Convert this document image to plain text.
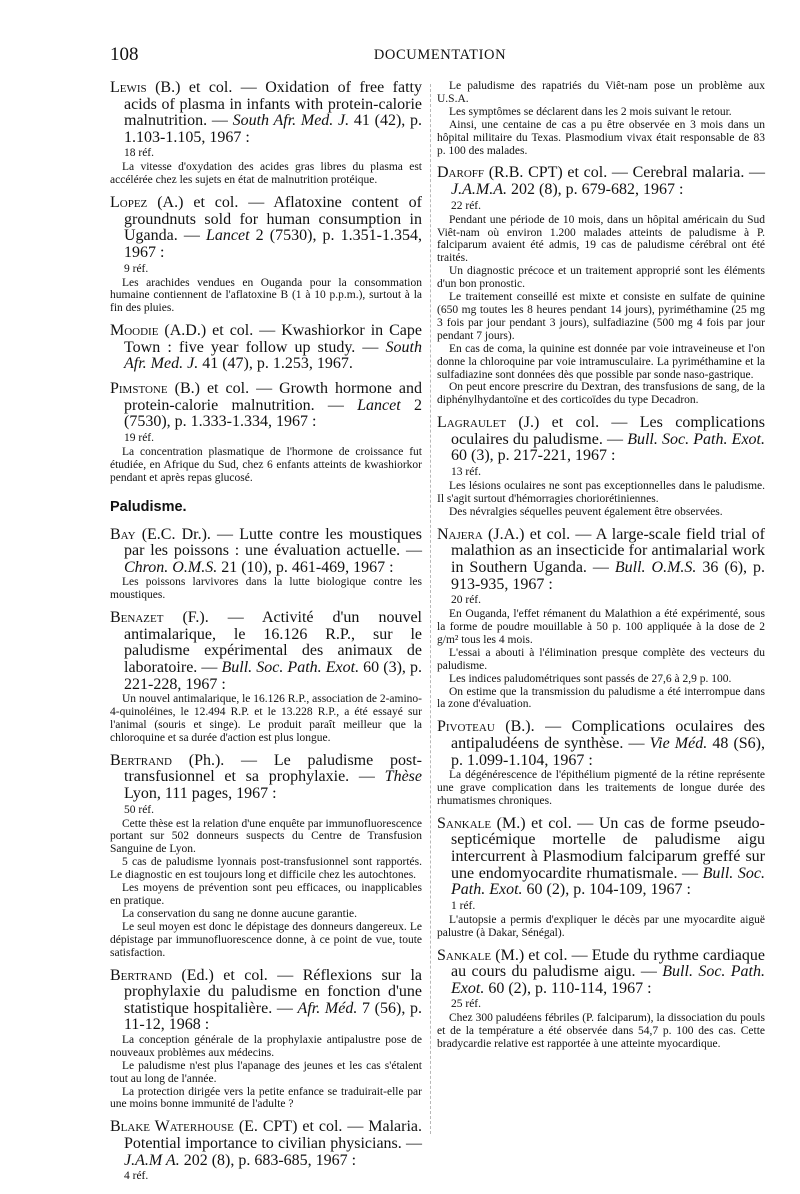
108	DOCUMENTATION

Lewis (B.) et col. — Oxidation of free fatty acids of plasma in infants with protein-calorie malnutrition. — South Afr. Med. J. 41 (42), p. 1.103-1.105, 1967 :

18 réf.

La vitesse d'oxydation des acides gras libres du plasma est accélérée chez les sujets en état de malnutrition protéique.

Lopez (A.) et col. — Aflatoxine content of groundnuts sold for human consumption in Uganda. — Lancet 2 (7530), p. 1.351-1.354, 1967 :

9 réf.

Les arachides vendues en Ouganda pour la consommation humaine contiennent de l'aflatoxine B (1 à 10 p.p.m.), surtout à la fin des pluies.

Moodie (A.D.) et col. — Kwashiorkor in Cape Town : five year follow up study. — South Afr. Med. J. 41 (47), p. 1.253, 1967.

Pimstone (B.) et col. — Growth hormone and protein-calorie malnutrition. — Lancet 2 (7530), p. 1.333-1.334, 1967 :

19 réf.

La concentration plasmatique de l'hormone de croissance fut étudiée, en Afrique du Sud, chez 6 enfants atteints de kwashiorkor pendant et après repas glucosé.

Paludisme.

Bay (E.C. Dr.). — Lutte contre les moustiques par les poissons : une évaluation actuelle. — Chron. O.M.S. 21 (10), p. 461-469, 1967 :

Les poissons larvivores dans la lutte biologique contre les moustiques.

Benazet (F.). — Activité d'un nouvel antimalarique, le 16.126 R.P., sur le paludisme expérimental des animaux de laboratoire. — Bull. Soc. Path. Exot. 60 (3), p. 221-228, 1967 :

Un nouvel antimalarique, le 16.126 R.P., association de 2-amino-4-quinoléines, le 12.494 R.P. et le 13.228 R.P., a été essayé sur l'animal (souris et singe). Le produit paraît meilleur que la chloroquine et sa durée d'action est plus longue.

Bertrand (Ph.). — Le paludisme post-transfusionnel et sa prophylaxie. — Thèse Lyon, 111 pages, 1967 :

50 réf.

Cette thèse est la relation d'une enquête par immunofluorescence portant sur 502 donneurs suspects du Centre de Transfusion Sanguine de Lyon.

5 cas de paludisme lyonnais post-transfusionnel sont rapportés. Le diagnostic en est toujours long et difficile chez les autochtones.

Les moyens de prévention sont peu efficaces, ou inapplicables en pratique.

La conservation du sang ne donne aucune garantie.

Le seul moyen est donc le dépistage des donneurs dangereux. Le dépistage par immunofluorescence donne, à ce point de vue, toute satisfaction.

Bertrand (Ed.) et col. — Réflexions sur la prophylaxie du paludisme en fonction d'une statistique hospitalière. — Afr. Méd. 7 (56), p. 11-12, 1968 :

La conception générale de la prophylaxie antipalustre pose de nouveaux problèmes aux médecins.

Le paludisme n'est plus l'apanage des jeunes et les cas s'étalent tout au long de l'année.

La protection dirigée vers la petite enfance se traduirait-elle par une moins bonne immunité de l'adulte ?

Blake Waterhouse (E. CPT) et col. — Malaria. Potential importance to civilian physicians. — J.A.M A. 202 (8), p. 683-685, 1967 :

4 réf.

Le paludisme des rapatriés du Viêt-nam pose un problème aux U.S.A.

Les symptômes se déclarent dans les 2 mois suivant le retour.

Ainsi, une centaine de cas a pu être observée en 3 mois dans un hôpital militaire du Texas. Plasmodium vivax était responsable de 83 p. 100 des malades.

Daroff (R.B. CPT) et col. — Cerebral malaria. — J.A.M.A. 202 (8), p. 679-682, 1967 :

22 réf.

Pendant une période de 10 mois, dans un hôpital américain du Sud Viêt-nam où environ 1.200 malades atteints de paludisme à P. falciparum avaient été admis, 19 cas de paludisme cérébral ont été traités.

Un diagnostic précoce et un traitement approprié sont les éléments d'un bon pronostic.

Le traitement conseillé est mixte et consiste en sulfate de quinine (650 mg toutes les 8 heures pendant 14 jours), pyriméthamine (25 mg 3 fois par jour pendant 3 jours), sulfadiazine (500 mg 4 fois par jour pendant 7 jours).

En cas de coma, la quinine est donnée par voie intraveineuse et l'on donne la chloroquine par voie intramusculaire. La pyriméthamine et la sulfadiazine sont données dès que possible par sonde naso-gastrique.

On peut encore prescrire du Dextran, des transfusions de sang, de la diphénylhydantoïne et des corticoïdes du type Decadron.

Lagraulet (J.) et col. — Les complications oculaires du paludisme. — Bull. Soc. Path. Exot. 60 (3), p. 217-221, 1967 :

13 réf.

Les lésions oculaires ne sont pas exceptionnelles dans le paludisme. Il s'agit surtout d'hémorragies choriorétiniennes.

Des névralgies séquelles peuvent également être observées.

Najera (J.A.) et col. — A large-scale field trial of malathion as an insecticide for antimalarial work in Southern Uganda. — Bull. O.M.S. 36 (6), p. 913-935, 1967 :

20 réf.

En Ouganda, l'effet rémanent du Malathion a été expérimenté, sous la forme de poudre mouillable à 50 p. 100 appliquée à la dose de 2 g/m² tous les 4 mois.

L'essai a abouti à l'élimination presque complète des vecteurs du paludisme.

Les indices paludométriques sont passés de 27,6 à 2,9 p. 100.

On estime que la transmission du paludisme a été interrompue dans la zone d'évaluation.

Pivoteau (B.). — Complications oculaires des antipaludéens de synthèse. — Vie Méd. 48 (S6), p. 1.099-1.104, 1967 :

La dégénérescence de l'épithélium pigmenté de la rétine représente une grave complication dans les traitements de longue durée des rhumatismes chroniques.

Sankale (M.) et col. — Un cas de forme pseudo-septicémique mortelle de paludisme aigu intercurrent à Plasmodium falciparum greffé sur une endomyocardite rhumatismale. — Bull. Soc. Path. Exot. 60 (2), p. 104-109, 1967 :

1 réf.

L'autopsie a permis d'expliquer le décès par une myocardite aiguë palustre (à Dakar, Sénégal).

Sankale (M.) et col. — Etude du rythme cardiaque au cours du paludisme aigu. — Bull. Soc. Path. Exot. 60 (2), p. 110-114, 1967 :

25 réf.

Chez 300 paludéens fébriles (P. falciparum), la dissociation du pouls et de la température a été observée dans 54,7 p. 100 des cas. Cette bradycardie relative est rapportée à une atteinte myocardique.
